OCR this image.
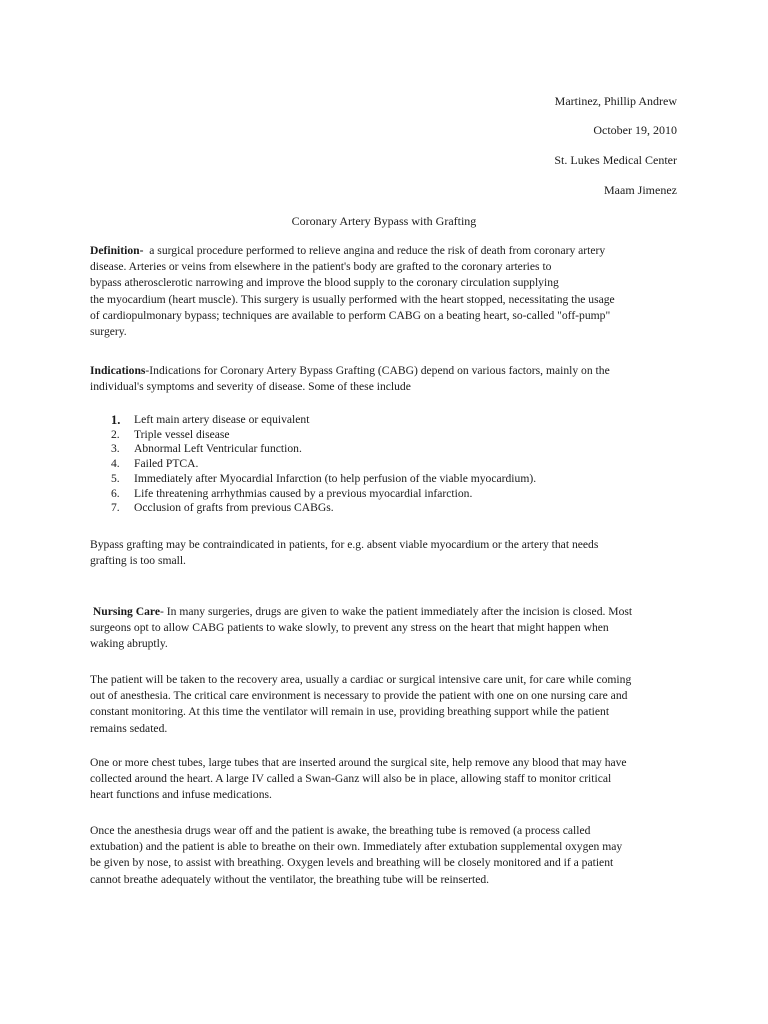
Martinez, Phillip Andrew
October 19, 2010
St. Lukes Medical Center
Maam Jimenez
Coronary Artery Bypass with Grafting
Definition- a surgical procedure performed to relieve angina and reduce the risk of death from coronary artery
disease. Arteries or veins from elsewhere in the patient's body are grafted to the coronary arteries to
bypass atherosclerotic narrowing and improve the blood supply to the coronary circulation supplying
the myocardium (heart muscle). This surgery is usually performed with the heart stopped, necessitating the usage
of cardiopulmonary bypass; techniques are available to perform CABG on a beating heart, so-called "off-pump"
surgery.
Indications-Indications for Coronary Artery Bypass Grafting (CABG) depend on various factors, mainly on the
individual's symptoms and severity of disease. Some of these include
1.	Left main artery disease or equivalent
2.	Triple vessel disease
3.	Abnormal Left Ventricular function.
4.	Failed PTCA.
5.	Immediately after Myocardial Infarction (to help perfusion of the viable myocardium).
6.	Life threatening arrhythmias caused by a previous myocardial infarction.
7.	Occlusion of grafts from previous CABGs.
Bypass grafting may be contraindicated in patients, for e.g. absent viable myocardium or the artery that needs
grafting is too small.
Nursing Care- In many surgeries, drugs are given to wake the patient immediately after the incision is closed. Most
surgeons opt to allow CABG patients to wake slowly, to prevent any stress on the heart that might happen when
waking abruptly.
The patient will be taken to the recovery area, usually a cardiac or surgical intensive care unit, for care while coming
out of anesthesia. The critical care environment is necessary to provide the patient with one on one nursing care and
constant monitoring. At this time the ventilator will remain in use, providing breathing support while the patient
remains sedated.
One or more chest tubes, large tubes that are inserted around the surgical site, help remove any blood that may have
collected around the heart. A large IV called a Swan-Ganz will also be in place, allowing staff to monitor critical
heart functions and infuse medications.
Once the anesthesia drugs wear off and the patient is awake, the breathing tube is removed (a process called
extubation) and the patient is able to breathe on their own. Immediately after extubation supplemental oxygen may
be given by nose, to assist with breathing. Oxygen levels and breathing will be closely monitored and if a patient
cannot breathe adequately without the ventilator, the breathing tube will be reinserted.
